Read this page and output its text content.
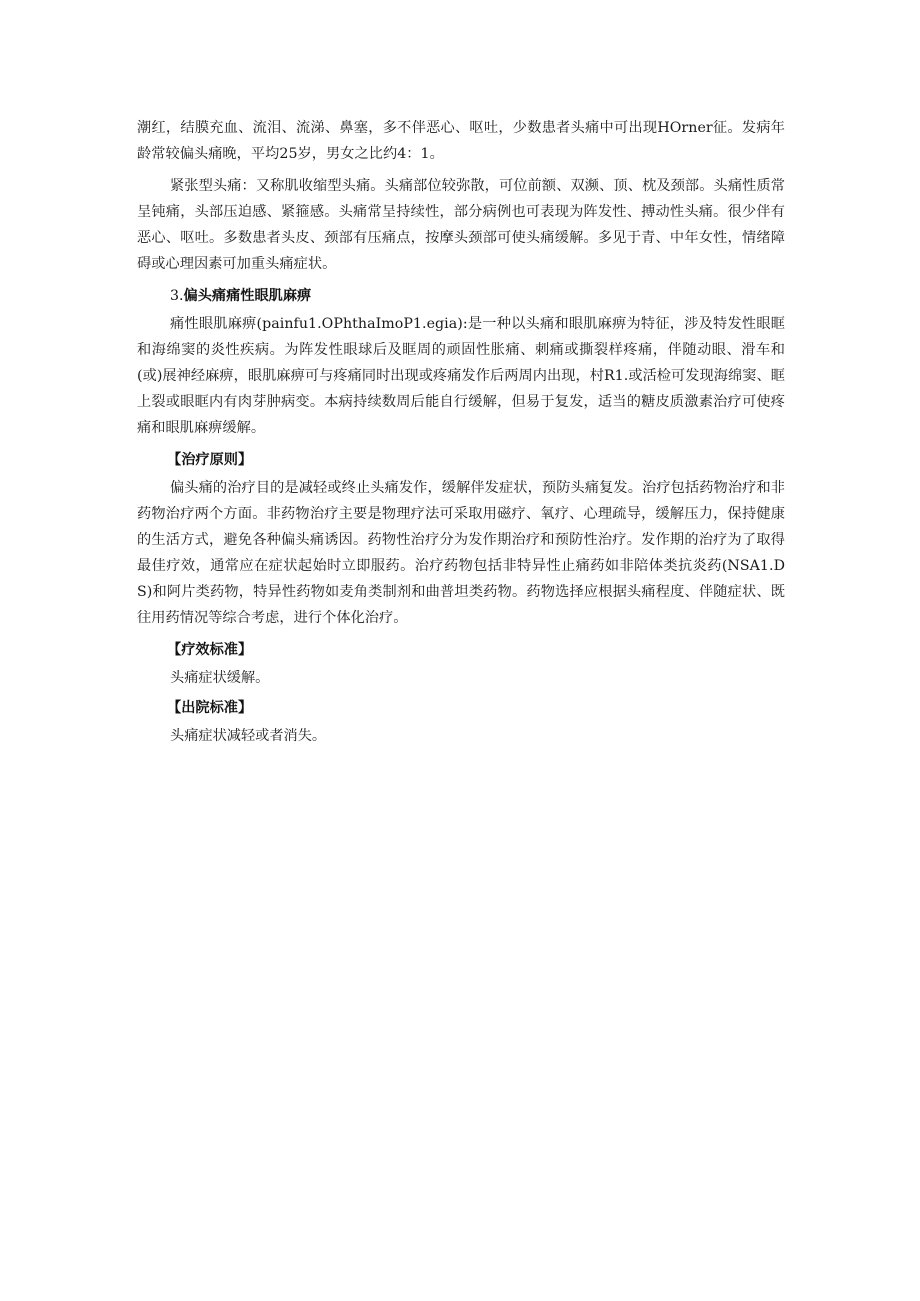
潮红，结膜充血、流泪、流涕、鼻塞，多不伴恶心、呕吐，少数患者头痛中可出现HOrner征。发病年龄常较偏头痛晚，平均25岁，男女之比约4：1。

紧张型头痛：又称肌收缩型头痛。头痛部位较弥散，可位前额、双濒、顶、枕及颈部。头痛性质常呈钝痛，头部压迫感、紧箍感。头痛常呈持续性，部分病例也可表现为阵发性、搏动性头痛。很少伴有恶心、呕吐。多数患者头皮、颈部有压痛点，按摩头颈部可使头痛缓解。多见于青、中年女性，情绪障碍或心理因素可加重头痛症状。

3.偏头痛痛性眼肌麻痹

痛性眼肌麻痹(painfu1.OPhthaImoP1.egia):是一种以头痛和眼肌麻痹为特征，涉及特发性眼眶和海绵窦的炎性疾病。为阵发性眼球后及眶周的顽固性胀痛、刺痛或撕裂样疼痛，伴随动眼、滑车和(或)展神经麻痹，眼肌麻痹可与疼痛同时出现或疼痛发作后两周内出现，村R1.或活检可发现海绵窦、眶上裂或眼眶内有肉芽肿病变。本病持续数周后能自行缓解，但易于复发，适当的糖皮质激素治疗可使疼痛和眼肌麻痹缓解。

【治疗原则】

偏头痛的治疗目的是减轻或终止头痛发作，缓解伴发症状，预防头痛复发。治疗包括药物治疗和非药物治疗两个方面。非药物治疗主要是物理疗法可采取用磁疗、氧疗、心理疏导，缓解压力，保持健康的生活方式，避免各种偏头痛诱因。药物性治疗分为发作期治疗和预防性治疗。发作期的治疗为了取得最佳疗效，通常应在症状起始时立即服药。治疗药物包括非特异性止痛药如非陪体类抗炎药(NSA1.DS)和阿片类药物，特异性药物如麦角类制剂和曲普坦类药物。药物选择应根据头痛程度、伴随症状、既往用药情况等综合考虑，进行个体化治疗。

【疗效标准】

头痛症状缓解。

【出院标准】

头痛症状减轻或者消失。
